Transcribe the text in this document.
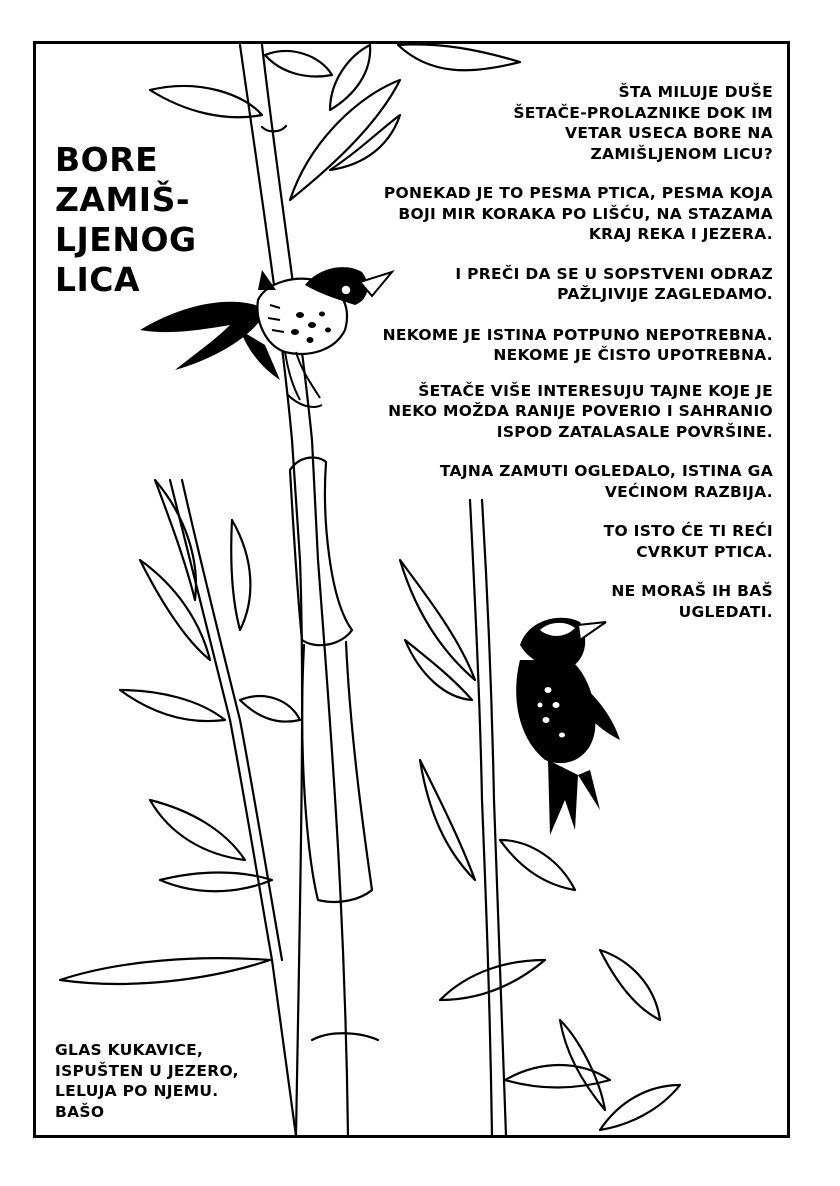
BORE
ZAMIŠ-
LJENOG
LICA

ŠTA MILUJE DUŠE
ŠETAČE-PROLAZNIKE DOK IM
VETAR USECA BORE NA
ZAMIŠLJENOM LICU?

PONEKAD JE TO PESMA PTICA, PESMA KOJA
BOJI MIR KORAKA PO LIŠĆU, NA STAZAMA
KRAJ REKA I JEZERA.

I PREČI DA SE U SOPSTVENI ODRAZ
PAŽLJIVIJE ZAGLEDAMO.

NEKOME JE ISTINA POTPUNO NEPOTREBNA.
NEKOME JE ČISTO UPOTREBNA.

ŠETAČE VIŠE INTERESUJU TAJNE KOJE JE
NEKO MOŽDA RANIJE POVERIO I SAHRANIO
ISPOD ZATALASALE POVRŠINE.

TAJNA ZAMUTI OGLEDALO, ISTINA GA
VEĆINOM RAZBIJA.

TO ISTO ĆE TI REĆI
CVRKUT PTICA.

NE MORAŠ IH BAŠ
UGLEDATI.

GLAS KUKAVICE,
ISPUŠTEN U JEZERO,
LELUJA PO NJEMU.
BAŠO
